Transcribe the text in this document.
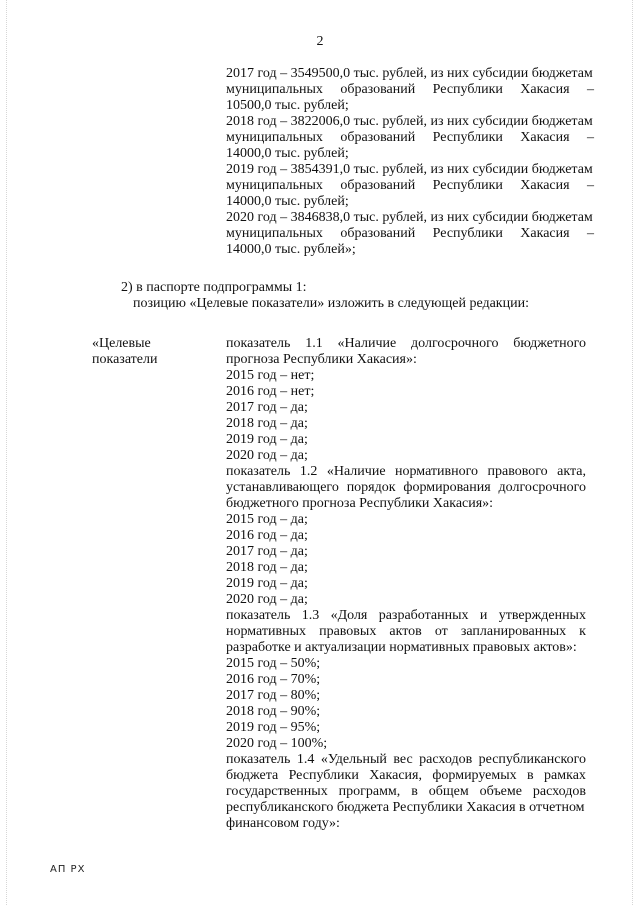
2
2017 год – 3549500,0 тыс. рублей, из них субсидии бюджетам
муниципальных образований Республики Хакасия –
10500,0 тыс. рублей;
2018 год – 3822006,0 тыс. рублей, из них субсидии бюджетам
муниципальных образований Республики Хакасия –
14000,0 тыс. рублей;
2019 год – 3854391,0 тыс. рублей, из них субсидии бюджетам
муниципальных образований Республики Хакасия –
14000,0 тыс. рублей;
2020 год – 3846838,0 тыс. рублей, из них субсидии бюджетам
муниципальных образований Республики Хакасия –
14000,0 тыс. рублей»;
2) в паспорте подпрограммы 1:
позицию «Целевые показатели» изложить в следующей редакции:
«Целевые
показатели
показатель 1.1 «Наличие долгосрочного бюджетного
прогноза Республики Хакасия»:
2015 год – нет;
2016 год – нет;
2017 год – да;
2018 год – да;
2019 год – да;
2020 год – да;
показатель 1.2 «Наличие нормативного правового акта,
устанавливающего порядок формирования долгосрочного
бюджетного прогноза Республики Хакасия»:
2015 год – да;
2016 год – да;
2017 год – да;
2018 год – да;
2019 год – да;
2020 год – да;
показатель 1.3 «Доля разработанных и утвержденных
нормативных правовых актов от запланированных к
разработке и актуализации нормативных правовых актов»:
2015 год – 50%;
2016 год – 70%;
2017 год – 80%;
2018 год – 90%;
2019 год – 95%;
2020 год – 100%;
показатель 1.4 «Удельный вес расходов республиканского
бюджета Республики Хакасия, формируемых в рамках
государственных программ, в общем объеме расходов
республиканского бюджета Республики Хакасия в отчетном
финансовом году»:
АП РХ
